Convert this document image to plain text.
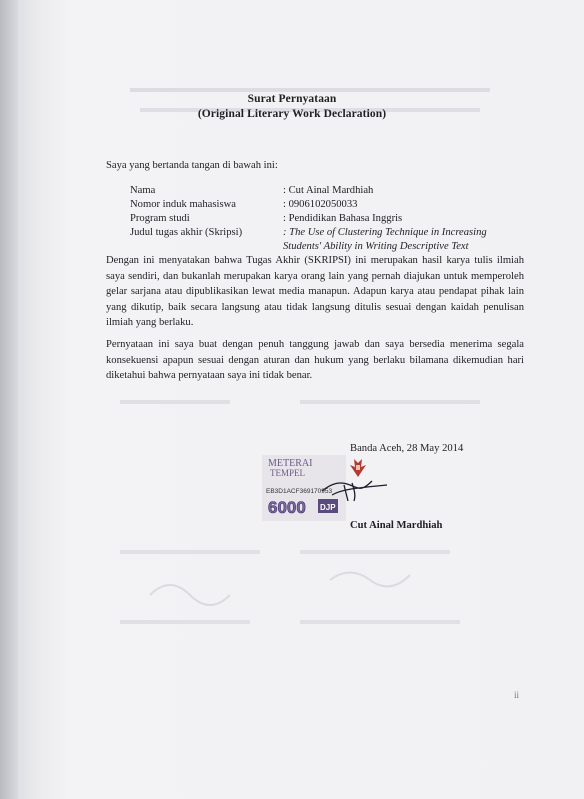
Surat Pernyataan
(Original Literary Work Declaration)
Saya yang bertanda tangan di bawah ini:
Nama	: Cut Ainal Mardhiah
Nomor induk mahasiswa	: 0906102050033
Program studi	: Pendidikan Bahasa Inggris
Judul tugas akhir (Skripsi)	: The Use of Clustering Technique in Increasing Students' Ability in Writing Descriptive Text
Dengan ini menyatakan bahwa Tugas Akhir (SKRIPSI) ini merupakan hasil karya tulis ilmiah saya sendiri, dan bukanlah merupakan karya orang lain yang pernah diajukan untuk memperoleh gelar sarjana atau dipublikasikan lewat media manapun. Adapun karya atau pendapat pihak lain yang dikutip, baik secara langsung atau tidak langsung ditulis sesuai dengan kaidah penulisan ilmiah yang berlaku.
Pernyataan ini saya buat dengan penuh tanggung jawab dan saya bersedia menerima segala konsekuensi apapun sesuai dengan aturan dan hukum yang berlaku bilamana dikemudian hari diketahui bahwa pernyataan saya ini tidak benar.
Banda Aceh, 28 May 2014
METERAI
TEMPEL
EB3D1ACF369170953
6000 DJP
Cut Ainal Mardhiah
ii
